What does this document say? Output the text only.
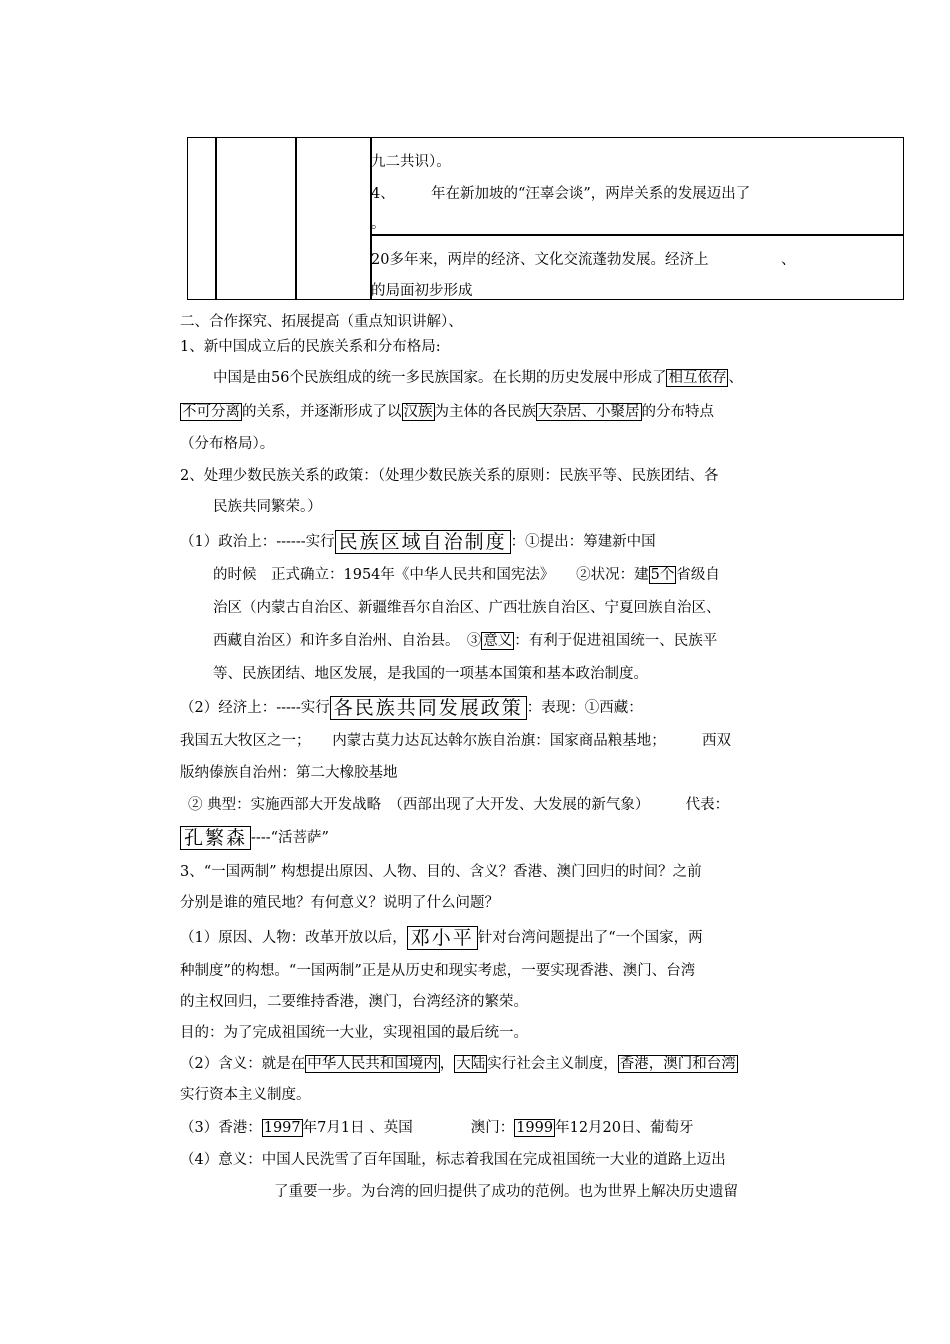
九二共识）。
4、　　　年在新加坡的“汪辜会谈”，两岸关系的发展迈出了
。
20多年来，两岸的经济、文化交流蓬勃发展。经济上　　　　　、
的局面初步形成
二、合作探究、拓展提高（重点知识讲解）、
1、新中国成立后的民族关系和分布格局:
中国是由56个民族组成的统一多民族国家。在长期的历史发展中形成了 相互依存 、
不可分离 的关系，并逐渐形成了以 汉族 为主体的各民族 大杂居、小聚居 的分布特点
（分布格局）。
2、处理少数民族关系的政策：（处理少数民族关系的原则：民族平等、民族团结、各
民族共同繁荣。）
（1）政治上：------实行 民族区域自治制度 ：①提出：筹建新中国
的时候　正式确立：1954年《中华人民共和国宪法》　　②状况：建 5个 省级自
治区（内蒙古自治区、新疆维吾尔自治区、广西壮族自治区、宁夏回族自治区、
西藏自治区）和许多自治州、自治县。　③ 意义 ：有利于促进祖国统一、民族平
等、民族团结、地区发展，是我国的一项基本国策和基本政治制度。
（2）经济上：-----实行 各民族共同发展政策 ：表现：①西藏：
我国五大牧区之一；　　内蒙古莫力达瓦达斡尔族自治旗：国家商品粮基地；　　　西双
版纳傣族自治州：第二大橡胶基地
② 典型：实施西部大开发战略　（西部出现了大开发、大发展的新气象）　　　代表：
孔繁森 ----“活菩萨”
3、“一国两制” 构想提出原因、人物、目的、含义？香港、澳门回归的时间？之前
分别是谁的殖民地？有何意义？说明了什么问题？
（1）原因、人物：改革开放以后， 邓小平 针对台湾问题提出了“一个国家，两
种制度”的构想。“一国两制”正是从历史和现实考虑，一要实现香港、澳门、台湾
的主权回归，二要维持香港，澳门，台湾经济的繁荣。
目的：为了完成祖国统一大业，实现祖国的最后统一。
（2）含义：就是在 中华人民共和国境内 ， 大陆 实行社会主义制度， 香港，澳门和台湾
实行资本主义制度。
（3）香港： 1997 年7月1日 、英国　　　　澳门： 1999 年12月20日、葡萄牙
（4）意义：中国人民洗雪了百年国耻，标志着我国在完成祖国统一大业的道路上迈出
了重要一步。为台湾的回归提供了成功的范例。也为世界上解决历史遗留
